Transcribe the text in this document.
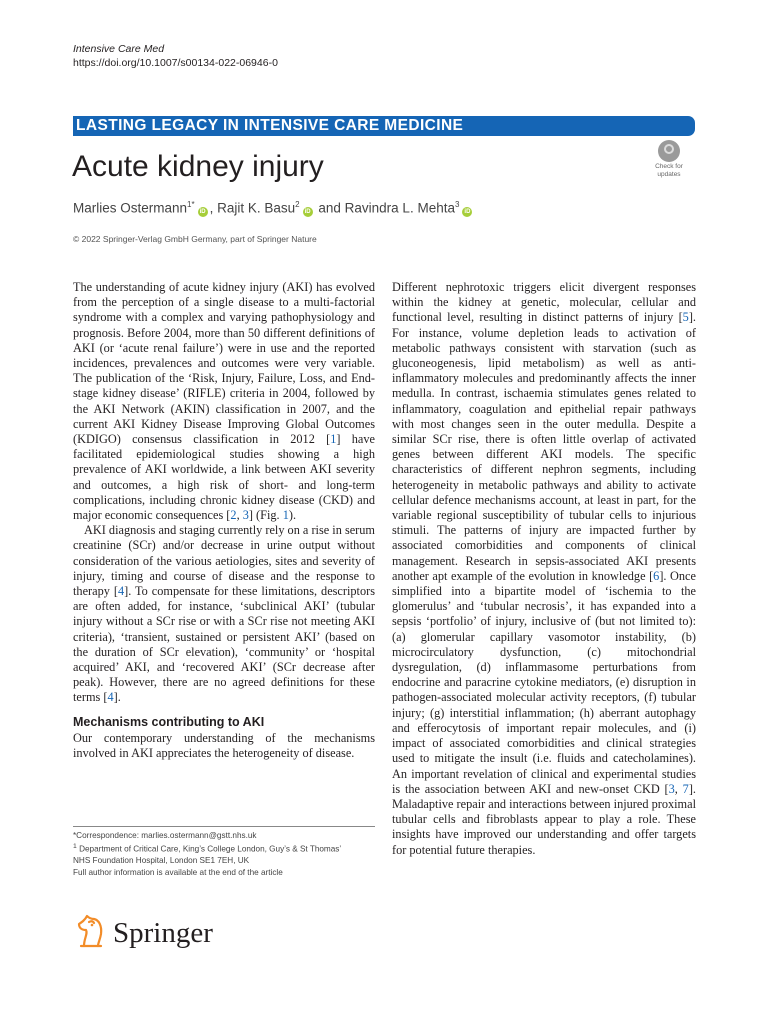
Intensive Care Med
https://doi.org/10.1007/s00134-022-06946-0
LASTING LEGACY IN INTENSIVE CARE MEDICINE
Acute kidney injury	Check for
updates
Marlies Ostermann$^{1*}$iD , Rajit K. Basu$^2$iD and Ravindra L. Mehta$^3$iD
© 2022 Springer-Verlag GmbH Germany, part of Springer Nature

The understanding of acute kidney injury (AKI) has evolved from the perception of a single disease to a multi-factorial syndrome with a complex and varying pathophysiology and prognosis. Before 2004, more than 50 different definitions of AKI (or ‘acute renal failure’) were in use and the reported incidences, prevalences and outcomes were very variable. The publication of the ‘Risk, Injury, Failure, Loss, and End-stage kidney disease’ (RIFLE) criteria in 2004, followed by the AKI Network (AKIN) classification in 2007, and the current AKI Kidney Disease Improving Global Outcomes (KDIGO) consensus classification in 2012 [1] have facilitated epidemiological studies showing a high prevalence of AKI worldwide, a link between AKI severity and outcomes, a high risk of short- and long-term complications, including chronic kidney disease (CKD) and major economic consequences [2, 3] (Fig. 1).

AKI diagnosis and staging currently rely on a rise in serum creatinine (SCr) and/or decrease in urine output without consideration of the various aetiologies, sites and severity of injury, timing and course of disease and the response to therapy [4]. To compensate for these limitations, descriptors are often added, for instance, ‘subclinical AKI’ (tubular injury without a SCr rise or with a SCr rise not meeting AKI criteria), ‘transient, sustained or persistent AKI’ (based on the duration of SCr elevation), ‘community’ or ‘hospital acquired’ AKI, and ‘recovered AKI’ (SCr decrease after peak). However, there are no agreed definitions for these terms [4].

Mechanisms contributing to AKI

Our contemporary understanding of the mechanisms involved in AKI appreciates the heterogeneity of disease.

Different nephrotoxic triggers elicit divergent responses within the kidney at genetic, molecular, cellular and functional level, resulting in distinct patterns of injury [5]. For instance, volume depletion leads to activation of metabolic pathways consistent with starvation (such as gluconeogenesis, lipid metabolism) as well as anti-inflammatory molecules and predominantly affects the inner medulla. In contrast, ischaemia stimulates genes related to inflammatory, coagulation and epithelial repair pathways with most changes seen in the outer medulla. Despite a similar SCr rise, there is often little overlap of activated genes between different AKI models. The specific characteristics of different nephron segments, including heterogeneity in metabolic pathways and ability to activate cellular defence mechanisms account, at least in part, for the variable regional susceptibility of tubular cells to injurious stimuli. The patterns of injury are impacted further by associated comorbidities and components of clinical management. Research in sepsis-associated AKI presents another apt example of the evolution in knowledge [6]. Once simplified into a bipartite model of ‘ischemia to the glomerulus’ and ‘tubular necrosis’, it has expanded into a sepsis ‘portfolio’ of injury, inclusive of (but not limited to): (a) glomerular capillary vasomotor instability, (b) microcirculatory dysfunction, (c) mitochondrial dysregulation, (d) inflammasome perturbations from endocrine and paracrine cytokine mediators, (e) disruption in pathogen-associated molecular activity receptors, (f) tubular injury; (g) interstitial inflammation; (h) aberrant autophagy and efferocytosis of important repair molecules, and (i) impact of associated comorbidities and clinical strategies used to mitigate the insult (i.e. fluids and catecholamines). An important revelation of clinical and experimental studies is the association between AKI and new-onset CKD [3, 7]. Maladaptive repair and interactions between injured proximal tubular cells and fibroblasts appear to play a role. These insights have improved our understanding and offer targets for potential future therapies.

*Correspondence: marlies.ostermann@gstt.nhs.uk
$^1$ Department of Critical Care, King’s College London, Guy’s & St Thomas’
NHS Foundation Hospital, London SE1 7EH, UK
Full author information is available at the end of the article
Springer
